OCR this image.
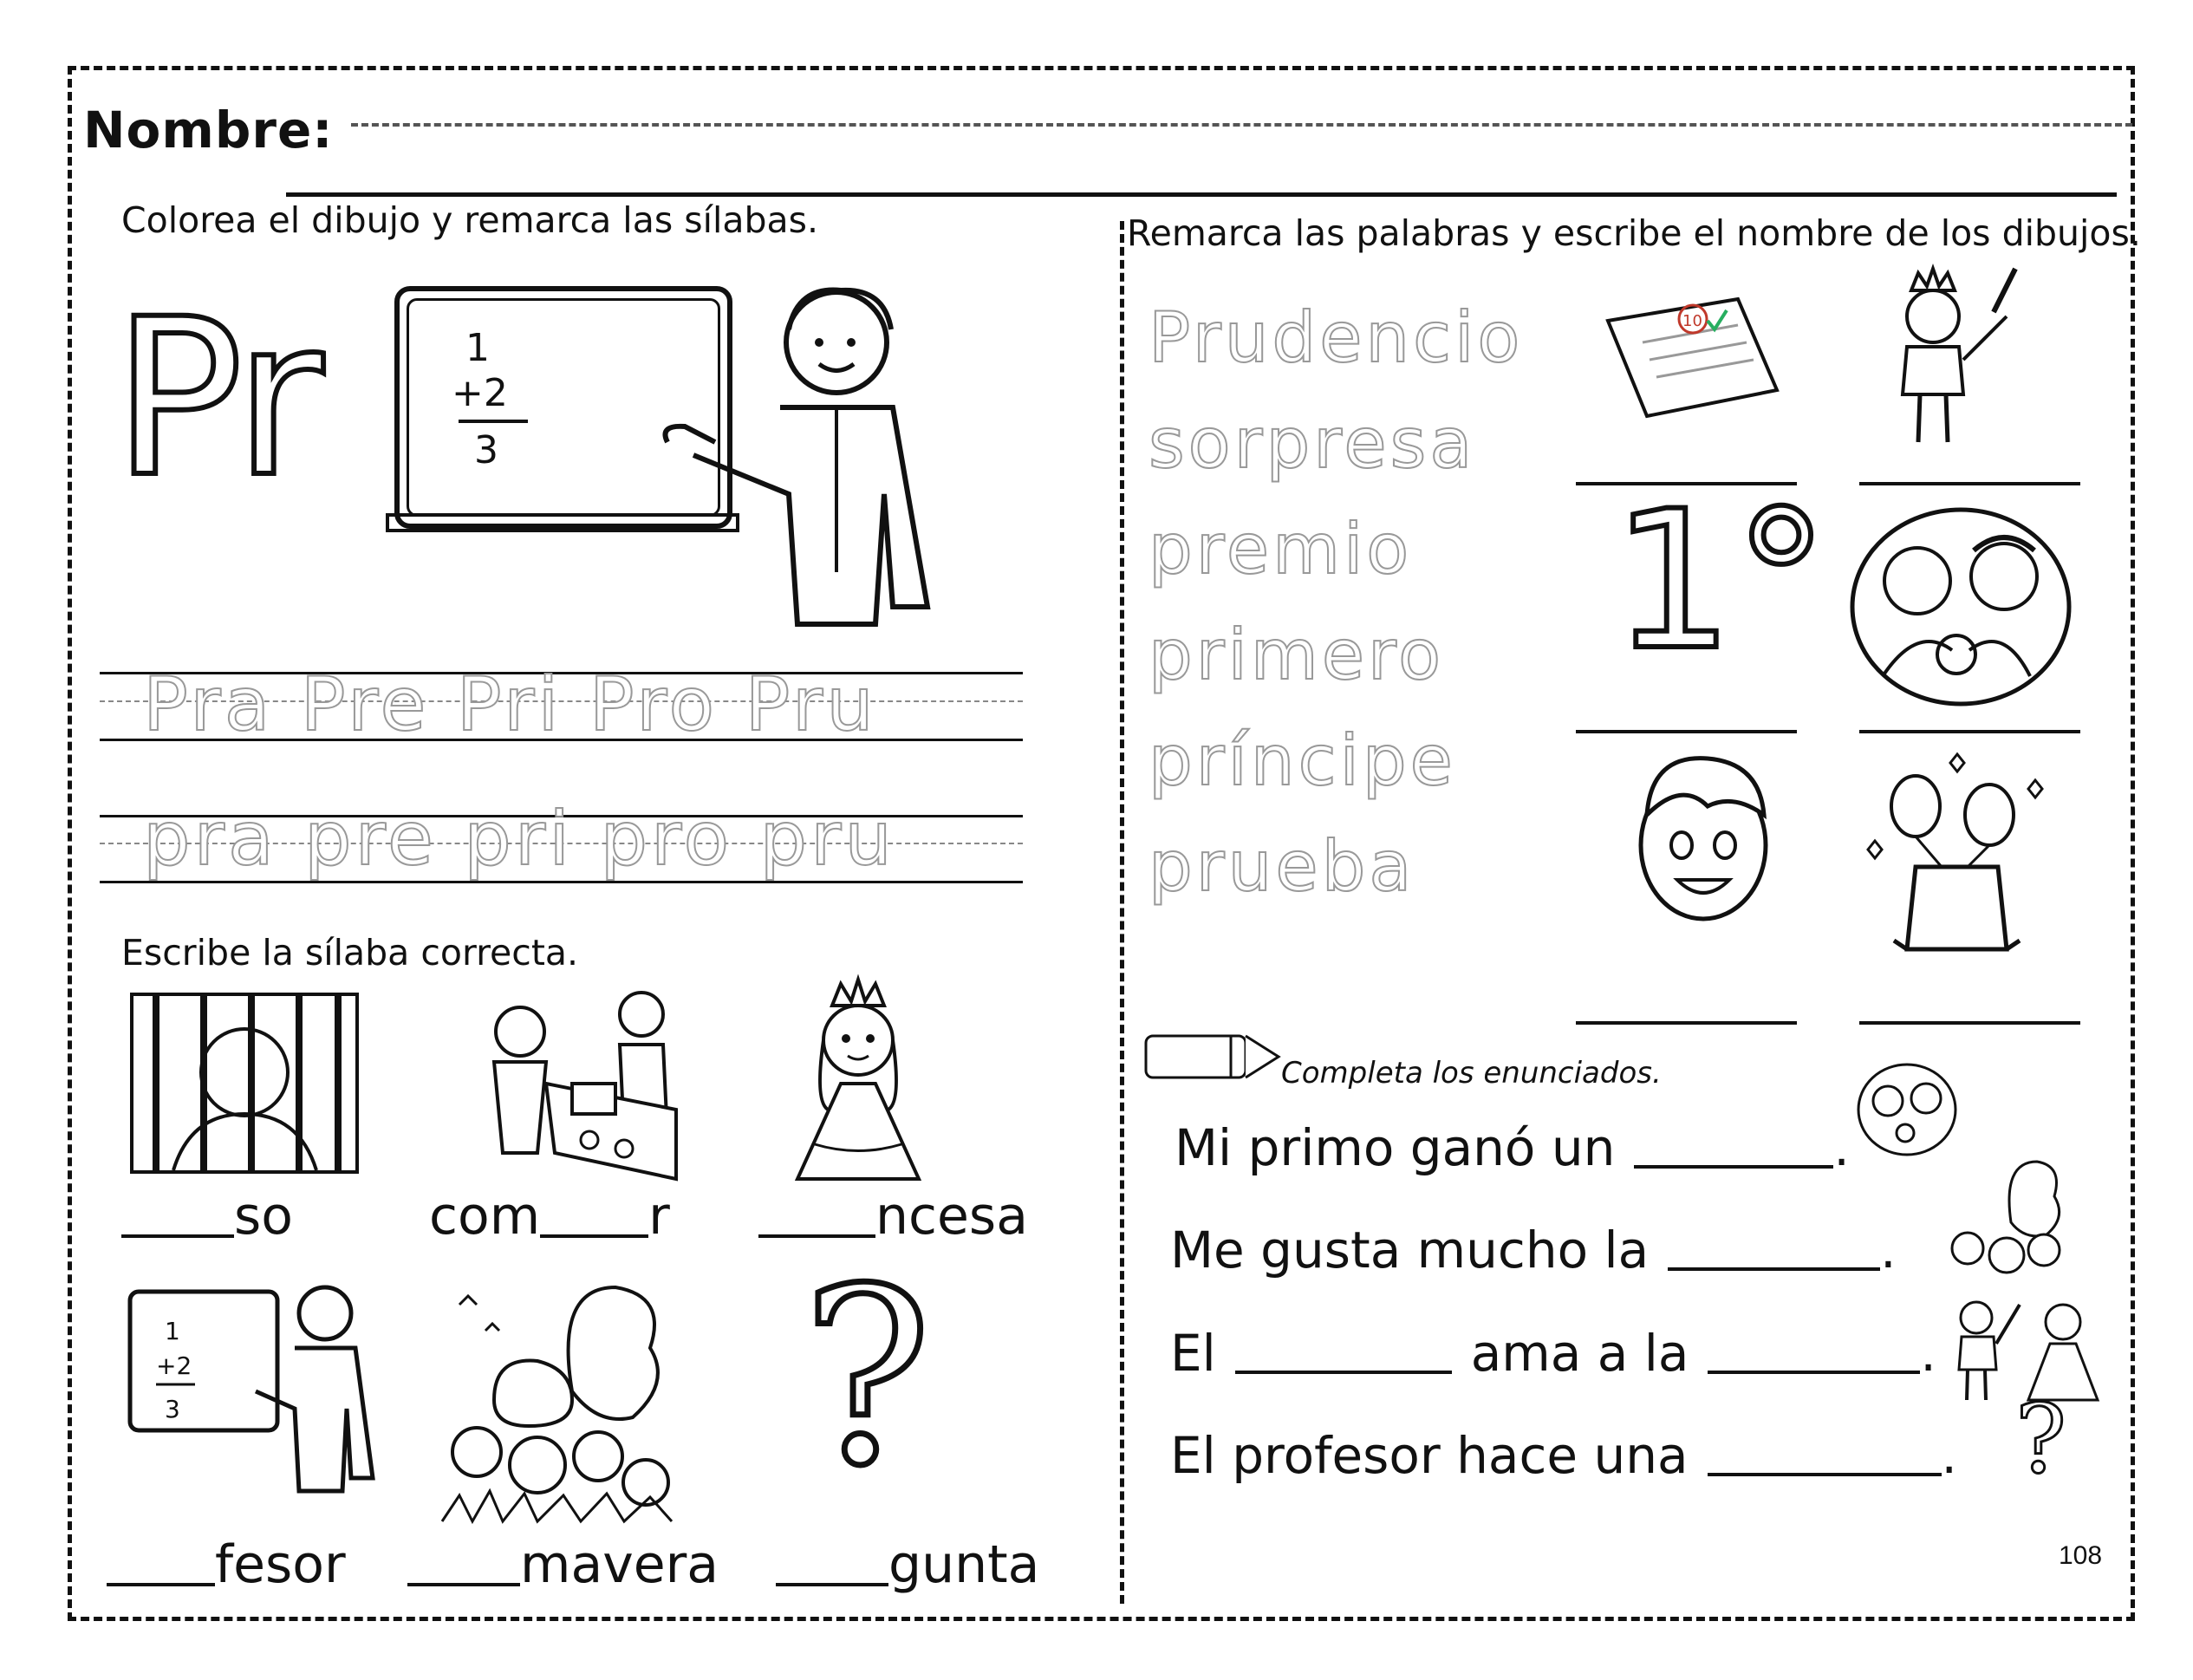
Nombre:
Colorea el dibujo y remarca las sílabas.
Pr	1
+2
3
Pra Pre Pri Pro Pru
pra pre pri pro pru
Escribe la sílaba correcta.
so	com r	ncesa
1
+2
3	?
fesor	mavera	gunta
Remarca las palabras y escribe el nombre de los dibujos.
Prudencio
sorpresa
premio
primero
príncipe
prueba
10
1°
Completa los enunciados.
Mi primo ganó un	.
Me gusta mucho la	.
El	ama a la	.
El profesor hace una	. ?
108
